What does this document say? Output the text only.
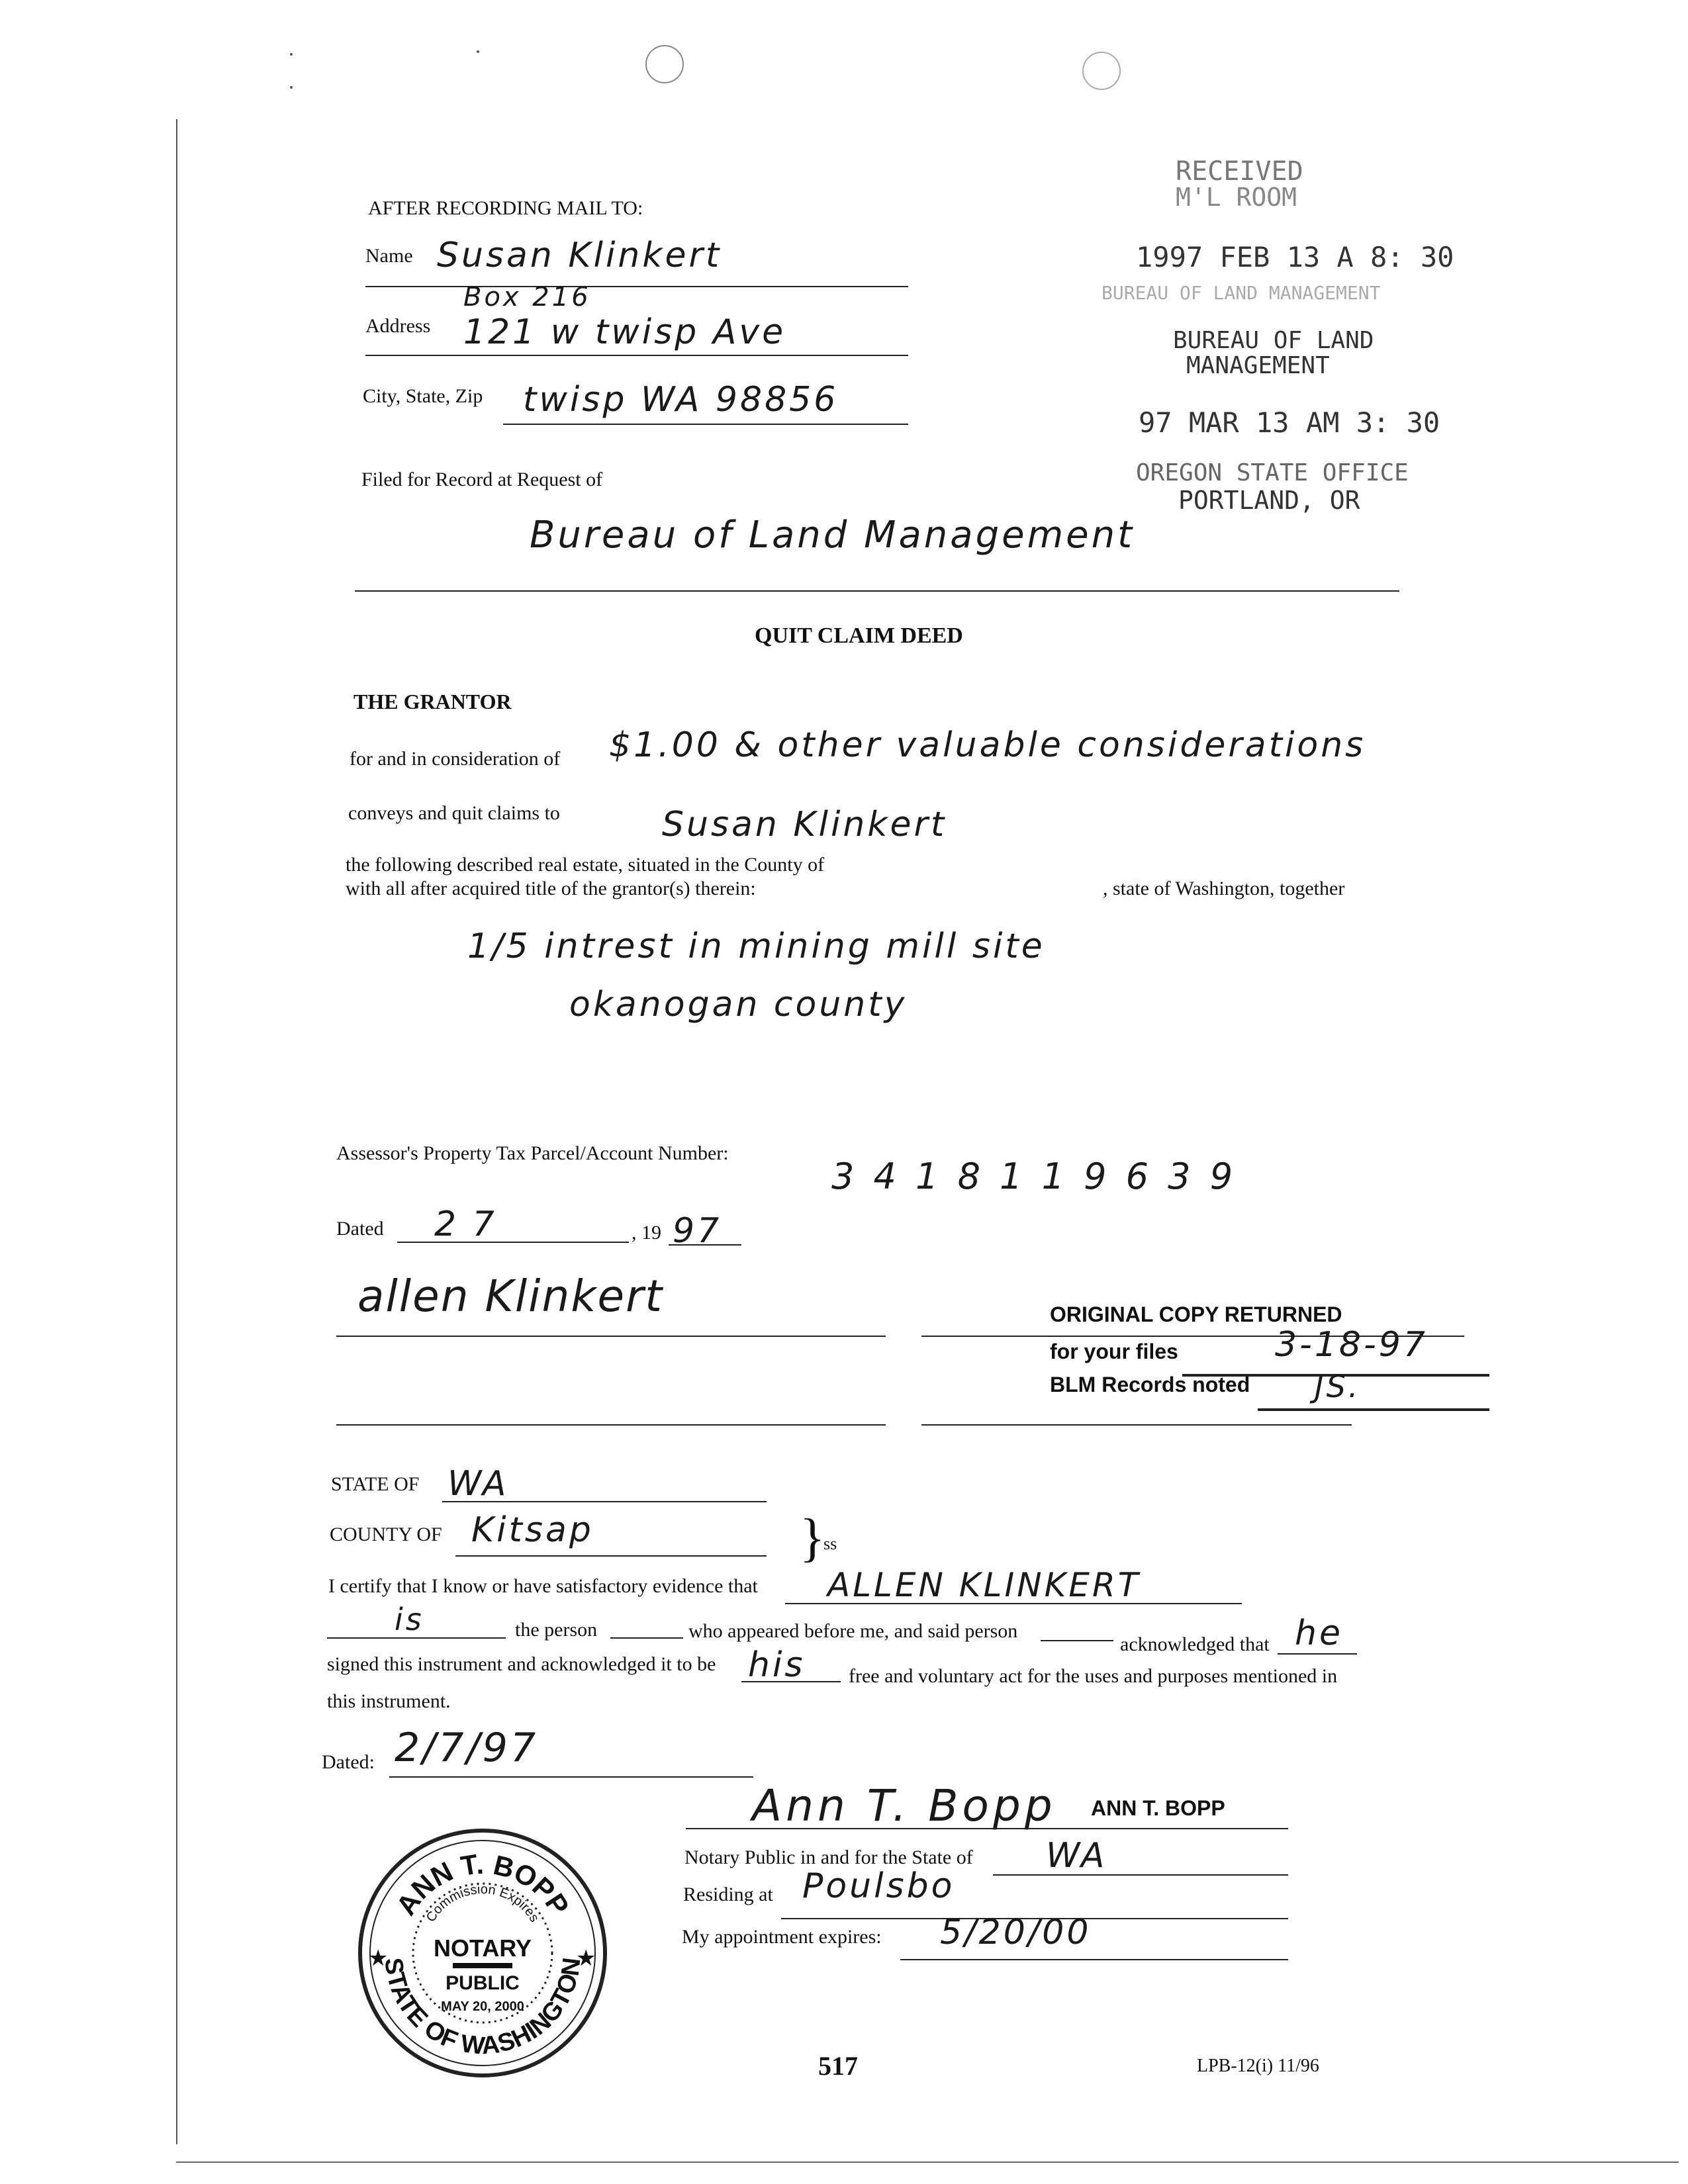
AFTER RECORDING MAIL TO:
Name Susan Klinkert
Box 216
Address 121 w twisp Ave
City, State, Zip twisp WA 98856
Filed for Record at Request of
Bureau of Land Management
RECEIVED
M'L ROOM
1997 FEB 13 A 8: 30
BUREAU OF LAND MANAGEMENT
BUREAU OF LAND
MANAGEMENT
97 MAR 13 AM 3: 30
OREGON STATE OFFICE
PORTLAND, OR
QUIT CLAIM DEED
THE GRANTOR
for and in consideration of $1.00 & other valuable considerations
conveys and quit claims to	Susan Klinkert
the following described real estate, situated in the County of
with all after acquired title of the grantor(s) therein:	, state of Washington, together
1/5 intrest in mining mill site
okanogan county
Assessor's Property Tax Parcel/Account Number:
3 4 1 8 1 1 9 6 3 9
Dated 2 7	, 19 97
allen Klinkert	ORIGINAL COPY RETURNED
for your files	3-18-97
BLM Records noted JS.
STATE OF WA
COUNTY OF Kitsap	}
ss
I certify that I know or have satisfactory evidence that ALLEN KLINKERT
is	the person	who appeared before me, and said person
acknowledged that he
signed this instrument and acknowledged it to be his free and voluntary act for the uses and purposes mentioned in
this instrument.
Dated: 2/7/97
Ann T. Bopp ANN T. BOPP
Notary Public in and for the State of WA
Residing at Poulsbo
My appointment expires: 5/20/00
ANN T. BOPP
Commission Expires
NOTARY
PUBLIC
MAY 20, 2000
STATE OF WASHINGTON
★	★
517	LPB-12(i) 11/96
